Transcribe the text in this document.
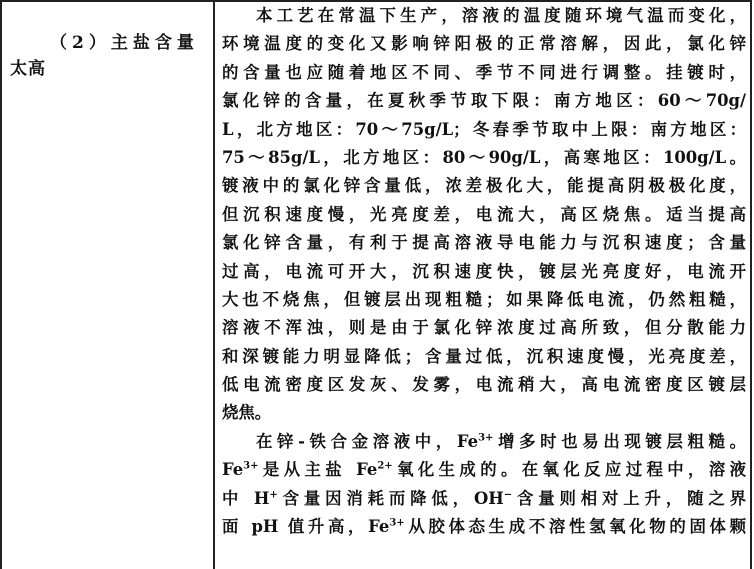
（2）主盐含量
太高
本工艺在常温下生产，溶液的温度随环境气温而变化，
环境温度的变化又影响锌阳极的正常溶解，因此，氯化锌
的含量也应随着地区不同、季节不同进行调整。挂镀时，
氯化锌的含量，在夏秋季节取下限：南方地区：60～70g/
L，北方地区：70～75g/L；冬春季节取中上限：南方地区：
75～85g/L，北方地区：80～90g/L，高寒地区：100g/L。
镀液中的氯化锌含量低，浓差极化大，能提高阴极极化度，
但沉积速度慢，光亮度差，电流大，高区烧焦。适当提高
氯化锌含量，有利于提高溶液导电能力与沉积速度；含量
过高，电流可开大，沉积速度快，镀层光亮度好，电流开
大也不烧焦，但镀层出现粗糙；如果降低电流，仍然粗糙，
溶液不浑浊，则是由于氯化锌浓度过高所致，但分散能力
和深镀能力明显降低；含量过低，沉积速度慢，光亮度差，
低电流密度区发灰、发雾，电流稍大，高电流密度区镀层
烧焦。
在锌-铁合金溶液中，$Fe^{3+}$增多时也易出现镀层粗糙。
$Fe^{3+}$是从主盐 $Fe^{2+}$氧化生成的。在氧化反应过程中，溶液
中 H+含量因消耗而降低，OH−含量则相对上升，随之界
面 pH 值升高，$Fe^{3+}$从胶体态生成不溶性氢氧化物的固体颗
